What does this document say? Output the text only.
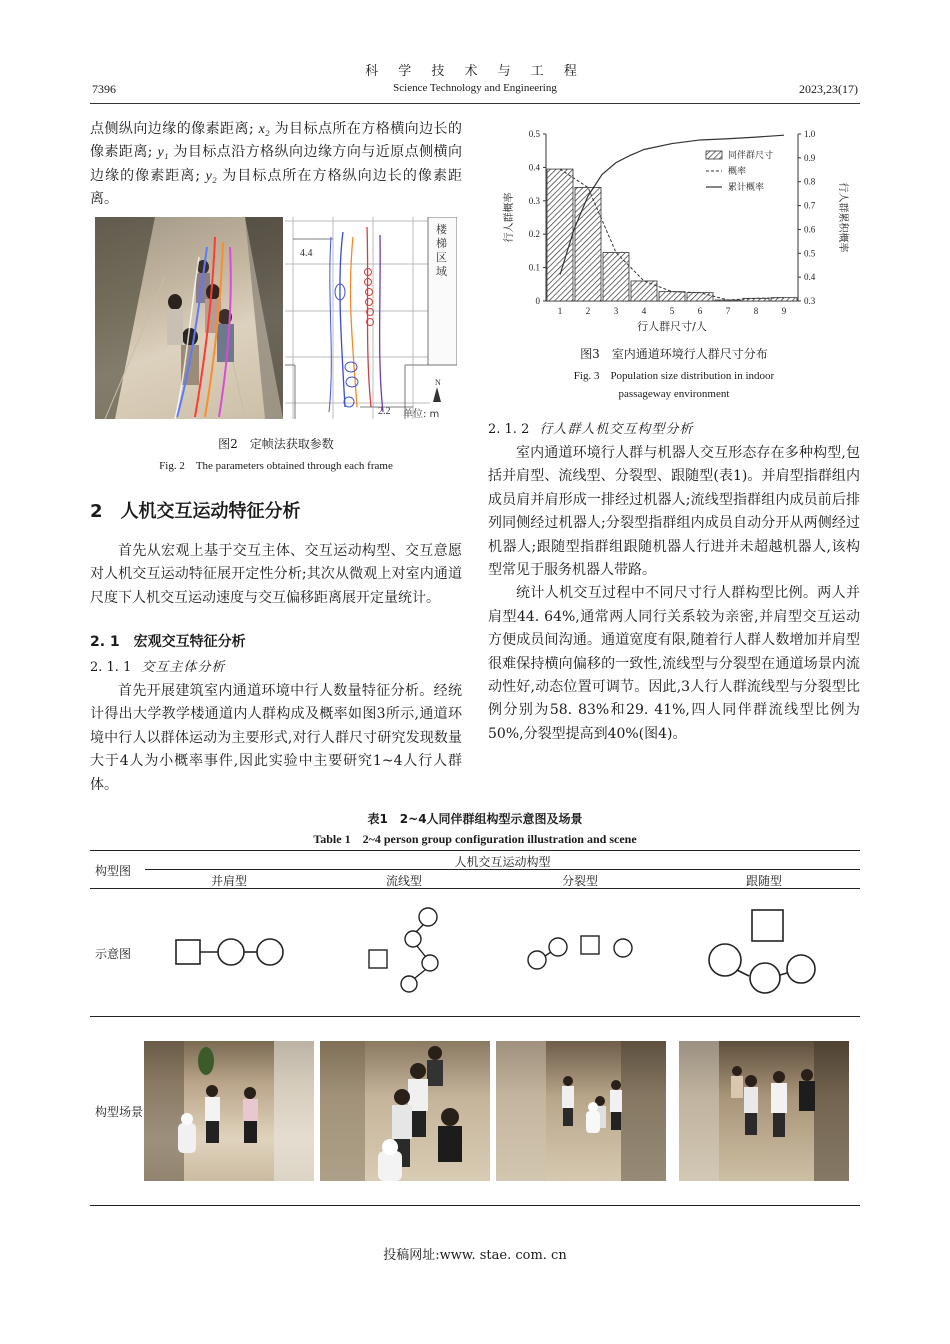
科 学 技 术 与 工 程
7396	Science Technology and Engineering	2023,23(17)

点侧纵向边缘的像素距离; x₂ 为目标点所在方格横向边长的像素距离; y₁ 为目标点沿方格纵向边缘方向与近原点侧横向边缘的像素距离; y₂ 为目标点所在方格纵向边长的像素距离。

4.4
2.2 单位: m
N
楼梯区域
图2　定帧法获取参数
Fig. 2　The parameters obtained through each frame
2　人机交互运动特征分析

首先从宏观上基于交互主体、交互运动构型、交互意愿对人机交互运动特征展开定性分析;其次从微观上对室内通道尺度下人机交互运动速度与交互偏移距离展开定量统计。

2. 1　宏观交互特征分析
2. 1. 1 交互主体分析

首先开展建筑室内通道环境中行人数量特征分析。经统计得出大学教学楼通道内人群构成及概率如图3所示,通道环境中行人以群体运动为主要形式,对行人群尺寸研究发现数量大于4人为小概率事件,因此实验中主要研究1~4人行人群体。

0
0.1
0.2
0.3
0.4
0.5
0.3
0.4
0.5
0.6
0.7
0.8
0.9
1.0
1	2	3	4	5	6	7	8	9
行人群尺寸/人
行人群概率	行人群累积概率
同伴群尺寸
概率
累计概率
图3　室内通道环境行人群尺寸分布
Fig. 3　Population size distribution in indoor
passageway environment
2. 1. 2 行人群人机交互构型分析

室内通道环境行人群与机器人交互形态存在多种构型,包括并肩型、流线型、分裂型、跟随型(表1)。并肩型指群组内成员肩并肩形成一排经过机器人;流线型指群组内成员前后排列同侧经过机器人;分裂型指群组内成员自动分开从两侧经过机器人;跟随型指群组跟随机器人行进并未超越机器人,该构型常见于服务机器人带路。

统计人机交互过程中不同尺寸行人群构型比例。两人并肩型44. 64%,通常两人同行关系较为亲密,并肩型交互运动方便成员间沟通。通道宽度有限,随着行人群人数增加并肩型很难保持横向偏移的一致性,流线型与分裂型在通道场景内流动性好,动态位置可调节。因此,3人行人群流线型与分裂型比例分别为58. 83%和29. 41%,四人同伴群流线型比例为50%,分裂型提高到40%(图4)。

表1　2~4人同伴群组构型示意图及场景
Table 1　2~4 person group configuration illustration and scene
构型图
人机交互运动构型
并肩型	流线型	分裂型	跟随型
示意图
构型场景
投稿网址:www. stae. com. cn
